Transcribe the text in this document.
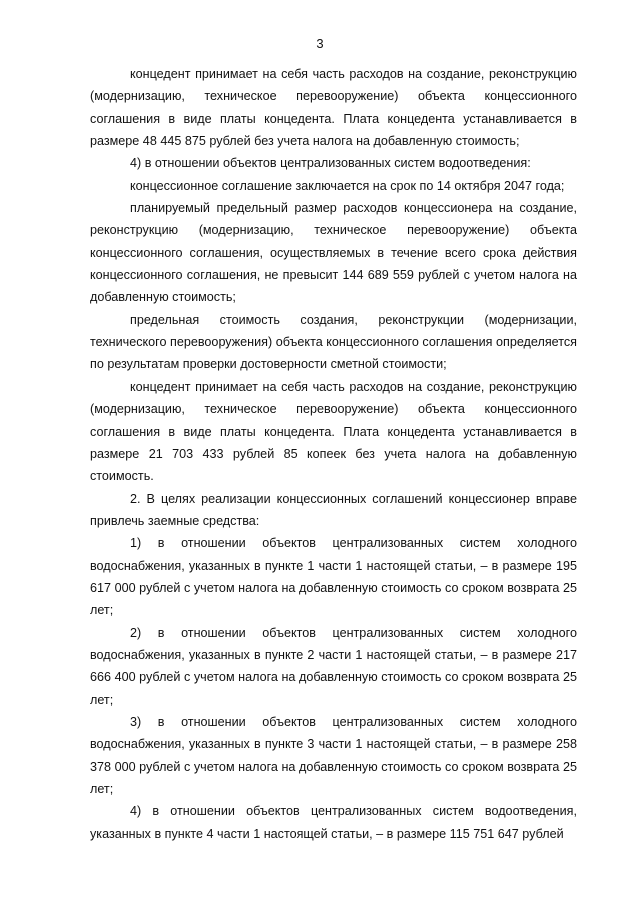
3

концедент принимает на себя часть расходов на создание, реконструкцию (модернизацию, техническое перевооружение) объекта концессионного соглашения в виде платы концедента. Плата концедента устанавливается в размере 48 445 875 рублей без учета налога на добавленную стоимость;

4) в отношении объектов централизованных систем водоотведения:

концессионное соглашение заключается на срок по 14 октября 2047 года;

планируемый предельный размер расходов концессионера на создание, реконструкцию (модернизацию, техническое перевооружение) объекта концессионного соглашения, осуществляемых в течение всего срока действия концессионного соглашения, не превысит 144 689 559 рублей с учетом налога на добавленную стоимость;

предельная стоимость создания, реконструкции (модернизации, технического перевооружения) объекта концессионного соглашения определяется по результатам проверки достоверности сметной стоимости;

концедент принимает на себя часть расходов на создание, реконструкцию (модернизацию, техническое перевооружение) объекта концессионного соглашения в виде платы концедента. Плата концедента устанавливается в размере 21 703 433 рублей 85 копеек без учета налога на добавленную стоимость.

2. В целях реализации концессионных соглашений концессионер вправе привлечь заемные средства:

1) в отношении объектов централизованных систем холодного водоснабжения, указанных в пункте 1 части 1 настоящей статьи, – в размере 195 617 000 рублей с учетом налога на добавленную стоимость со сроком возврата 25 лет;

2) в отношении объектов централизованных систем холодного водоснабжения, указанных в пункте 2 части 1 настоящей статьи, – в размере 217 666 400 рублей с учетом налога на добавленную стоимость со сроком возврата 25 лет;

3) в отношении объектов централизованных систем холодного водоснабжения, указанных в пункте 3 части 1 настоящей статьи, – в размере 258 378 000 рублей с учетом налога на добавленную стоимость со сроком возврата 25 лет;

4) в отношении объектов централизованных систем водоотведения, указанных в пункте 4 части 1 настоящей статьи, – в размере 115 751 647 рублей
